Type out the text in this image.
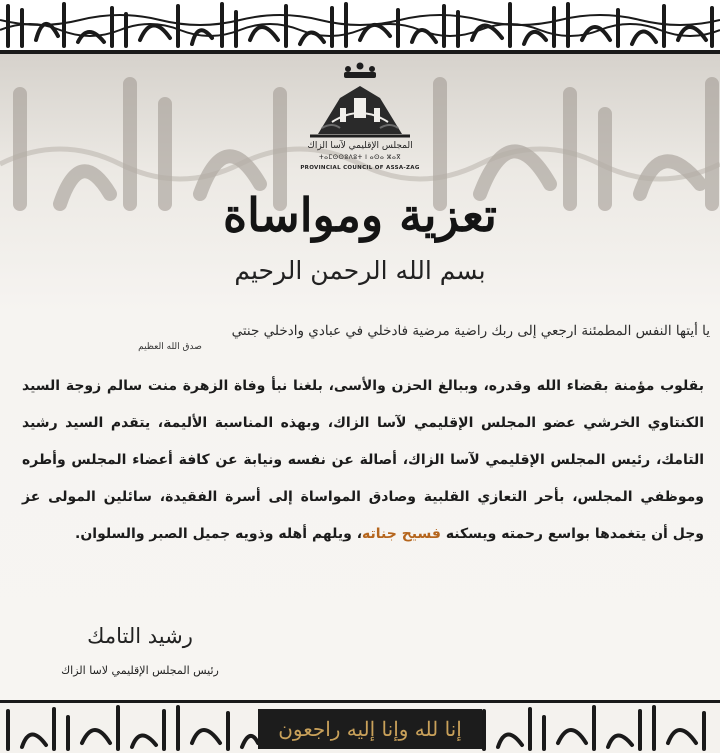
المجلس الإقليمي لآسا الزاك
ⵜⴰⵎⵙⵙⵓⴷⵓⵜ ⵏ ⴰⵙⴰ ⵣⴰⴳ
PROVINCIAL COUNCIL OF ASSA-ZAG
تعزية ومواساة
بسم الله الرحمن الرحيم
يا أيتها النفس المطمئنة ارجعي إلى ربك راضية مرضية فادخلي في عبادي وادخلي جنتي
صدق الله العظيم
بقلوب مؤمنة بقضاء الله وقدره، وببالغ الحزن والأسى، بلغنا نبأ وفاة الزهرة منت سالم زوجة السيد الكنتاوي الخرشي عضو المجلس الإقليمي لآسا الزاك، وبهذه المناسبة الأليمة، يتقدم السيد رشيد التامك، رئيس المجلس الإقليمي لآسا الزاك، أصالة عن نفسه ونيابة عن كافة أعضاء المجلس وأطره وموظفي المجلس، بأحر التعازي القلبية وصادق المواساة إلى أسرة الفقيدة، سائلين المولى عز وجل أن يتغمدها بواسع رحمته ويسكنه فسيح جناته، ويلهم أهله وذويه جميل الصبر والسلوان.
رشيد التامك
رئيس المجلس الإقليمي لاسا الزاك
إنا لله وإنا إليه راجعون
